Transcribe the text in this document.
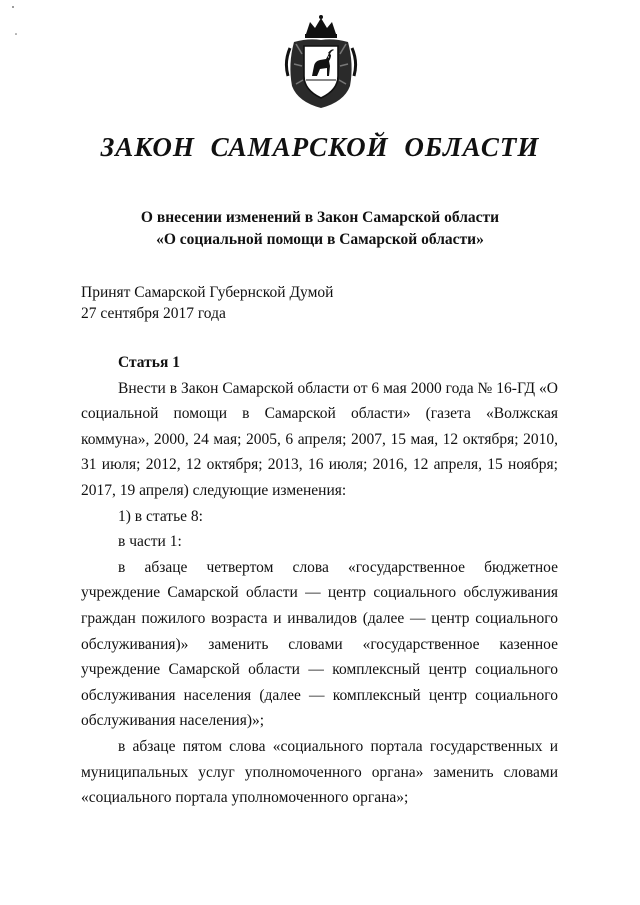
ЗАКОН САМАРСКОЙ ОБЛАСТИ
О внесении изменений в Закон Самарской области
«О социальной помощи в Самарской области»
Принят Самарской Губернской Думой
27 сентября 2017 года

Статья 1

Внести в Закон Самарской области от 6 мая 2000 года № 16-ГД «О социальной помощи в Самарской области» (газета «Волжская коммуна», 2000, 24 мая; 2005, 6 апреля; 2007, 15 мая, 12 октября; 2010, 31 июля; 2012, 12 октября; 2013, 16 июля; 2016, 12 апреля, 15 ноября; 2017, 19 апреля) следующие изменения:

1) в статье 8:

в части 1:

в абзаце четвертом слова «государственное бюджетное учреждение Самарской области — центр социального обслуживания граждан пожилого возраста и инвалидов (далее — центр социального обслуживания)» заменить словами «государственное казенное учреждение Самарской области — комплексный центр социального обслуживания населения (далее — комплексный центр социального обслуживания населения)»;

в абзаце пятом слова «социального портала государственных и муниципальных услуг уполномоченного органа» заменить словами «социального портала уполномоченного органа»;
